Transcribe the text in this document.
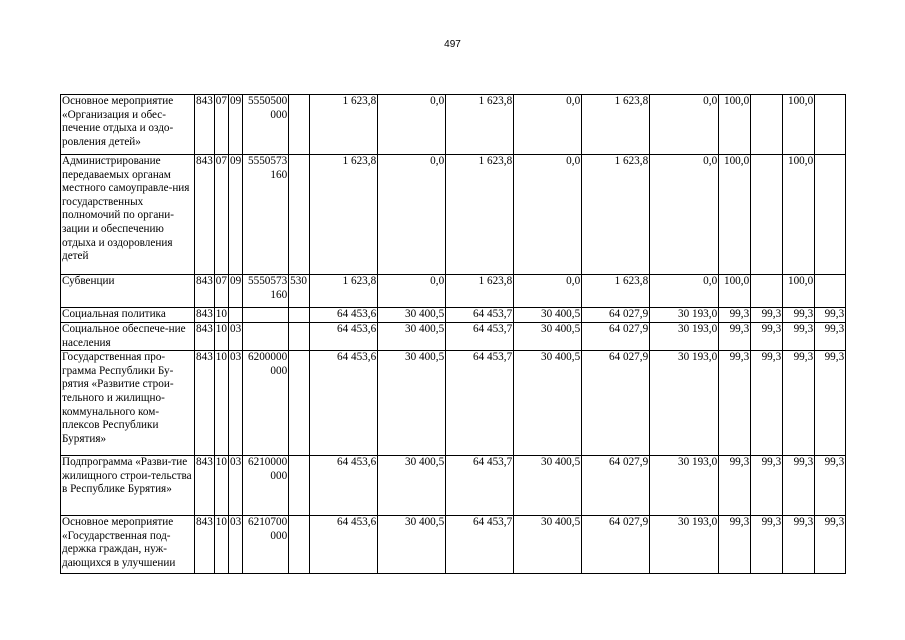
497
Основное мероприятие «Организация и обес-печение отдыха и оздо-ровления детей»	843	07	09	5550500 000		1 623,8	0,0	1 623,8	0,0	1 623,8	0,0	100,0		100,0	
Администрированиe передаваемых органам местного самоуправле-ния государственных полномочий по органи-зации и обеспечению отдыха и оздоровления детей	843	07	09	5550573 160		1 623,8	0,0	1 623,8	0,0	1 623,8	0,0	100,0		100,0	
Субвенции	843	07	09	5550573 160	530	1 623,8	0,0	1 623,8	0,0	1 623,8	0,0	100,0		100,0	
Социальная политика	843	10				64 453,6	30 400,5	64 453,7	30 400,5	64 027,9	30 193,0	99,3	99,3	99,3	99,3
Социальное обеспече-ние населения	843	10	03			64 453,6	30 400,5	64 453,7	30 400,5	64 027,9	30 193,0	99,3	99,3	99,3	99,3
Государственная про-грамма Республики Бу-рятия «Развитие строи-тельного и жилищно-коммунального ком-плексов Республики Бурятия»	843	10	03	6200000 000		64 453,6	30 400,5	64 453,7	30 400,5	64 027,9	30 193,0	99,3	99,3	99,3	99,3
Подпрограмма «Разви-тие жилищного строи-тельства в Республике Бурятия»	843	10	03	6210000 000		64 453,6	30 400,5	64 453,7	30 400,5	64 027,9	30 193,0	99,3	99,3	99,3	99,3
Основное мероприятие «Государственная под-держка граждан, нуж-дающихся в улучшении	843	10	03	6210700 000		64 453,6	30 400,5	64 453,7	30 400,5	64 027,9	30 193,0	99,3	99,3	99,3	99,3
